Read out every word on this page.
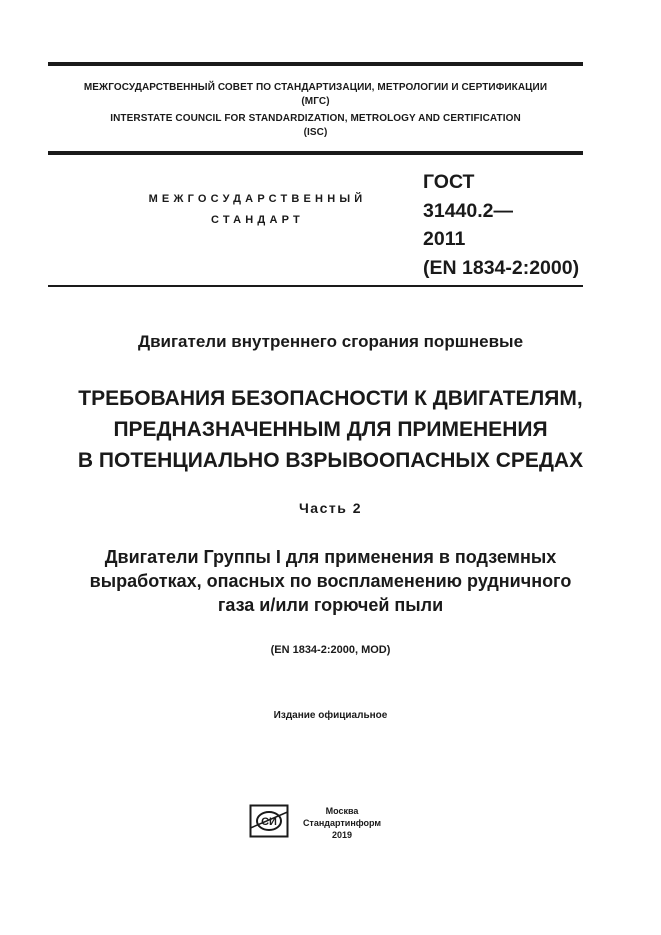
МЕЖГОСУДАРСТВЕННЫЙ СОВЕТ ПО СТАНДАРТИЗАЦИИ, МЕТРОЛОГИИ И СЕРТИФИКАЦИИ
(МГС)
INTERSTATE COUNCIL FOR STANDARDIZATION, METROLOGY AND CERTIFICATION
(ISC)
МЕЖГОСУДАРСТВЕННЫЙ
СТАНДАРТ
ГОСТ
31440.2—
2011
(EN 1834-2:2000)
Двигатели внутреннего сгорания поршневые
ТРЕБОВАНИЯ БЕЗОПАСНОСТИ К ДВИГАТЕЛЯМ,
ПРЕДНАЗНАЧЕННЫМ ДЛЯ ПРИМЕНЕНИЯ
В ПОТЕНЦИАЛЬНО ВЗРЫВООПАСНЫХ СРЕДАХ
Часть 2
Двигатели Группы I для применения в подземных
выработках, опасных по воспламенению рудничного
газа и/или горючей пыли
(EN 1834-2:2000, MOD)
Издание официальное
СИ
Москва
Стандартинформ
2019
